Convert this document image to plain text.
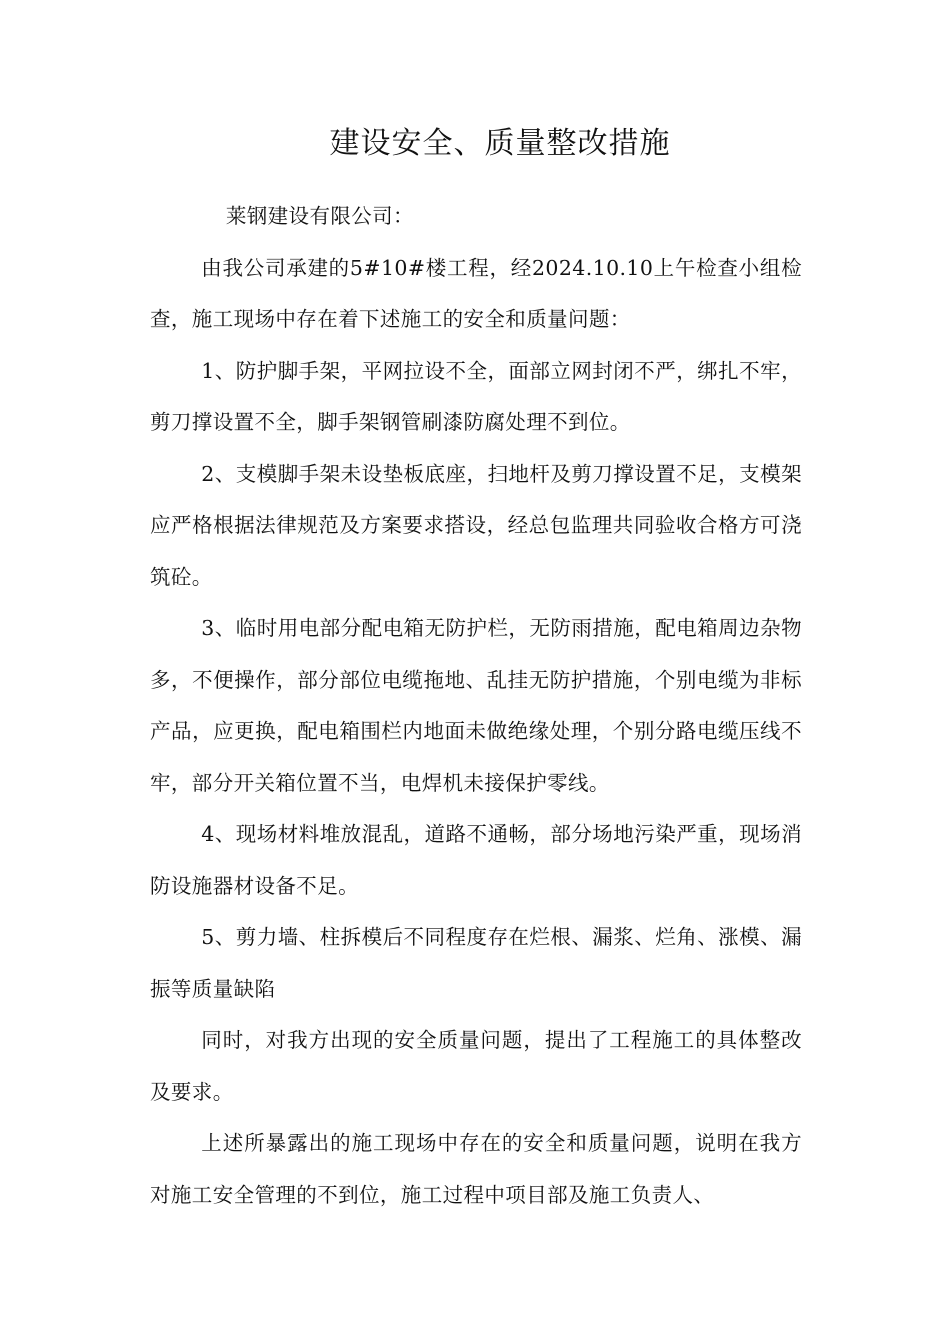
建设安全、质量整改措施

莱钢建设有限公司：

由我公司承建的5#10#楼工程，经2024.10.10上午检查小组检查，施工现场中存在着下述施工的安全和质量问题：

1、防护脚手架，平网拉设不全，面部立网封闭不严，绑扎不牢，剪刀撑设置不全，脚手架钢管刷漆防腐处理不到位。

2、支模脚手架未设垫板底座，扫地杆及剪刀撑设置不足，支模架应严格根据法律规范及方案要求搭设，经总包监理共同验收合格方可浇筑砼。

3、临时用电部分配电箱无防护栏，无防雨措施，配电箱周边杂物多，不便操作，部分部位电缆拖地、乱挂无防护措施，个别电缆为非标产品，应更换，配电箱围栏内地面未做绝缘处理，个别分路电缆压线不牢，部分开关箱位置不当，电焊机未接保护零线。

4、现场材料堆放混乱，道路不通畅，部分场地污染严重，现场消防设施器材设备不足。

5、剪力墙、柱拆模后不同程度存在烂根、漏浆、烂角、涨模、漏振等质量缺陷

同时，对我方出现的安全质量问题，提出了工程施工的具体整改及要求。

上述所暴露出的施工现场中存在的安全和质量问题，说明在我方对施工安全管理的不到位，施工过程中项目部及施工负责人、
